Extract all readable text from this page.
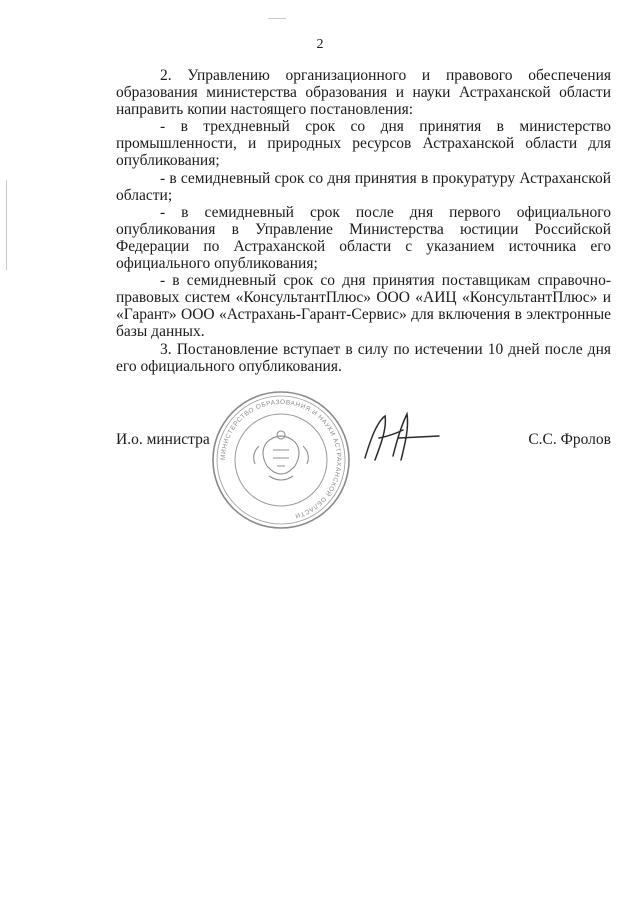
2

2. Управлению организационного и правового обеспечения образования министерства образования и науки Астраханской области направить копии настоящего постановления:

- в трехдневный срок со дня принятия в министерство промышленности, и природных ресурсов Астраханской области для опубликования;

- в семидневный срок со дня принятия в прокуратуру Астраханской области;

- в семидневный срок после дня первого официального опубликования в Управление Министерства юстиции Российской Федерации по Астраханской области с указанием источника его официального опубликования;

- в семидневный срок со дня принятия поставщикам справочно-правовых систем «КонсультантПлюс» ООО «АИЦ «КонсультантПлюс» и «Гарант» ООО «Астрахань-Гарант-Сервис» для включения в электронные базы данных.

3. Постановление вступает в силу по истечении 10 дней после дня его официального опубликования.

МИНИСТЕРСТВО ОБРАЗОВАНИЯ И НАУКИ АСТРАХАНСКОЙ ОБЛАСТИ
И.о. министра	С.С. Фролов
